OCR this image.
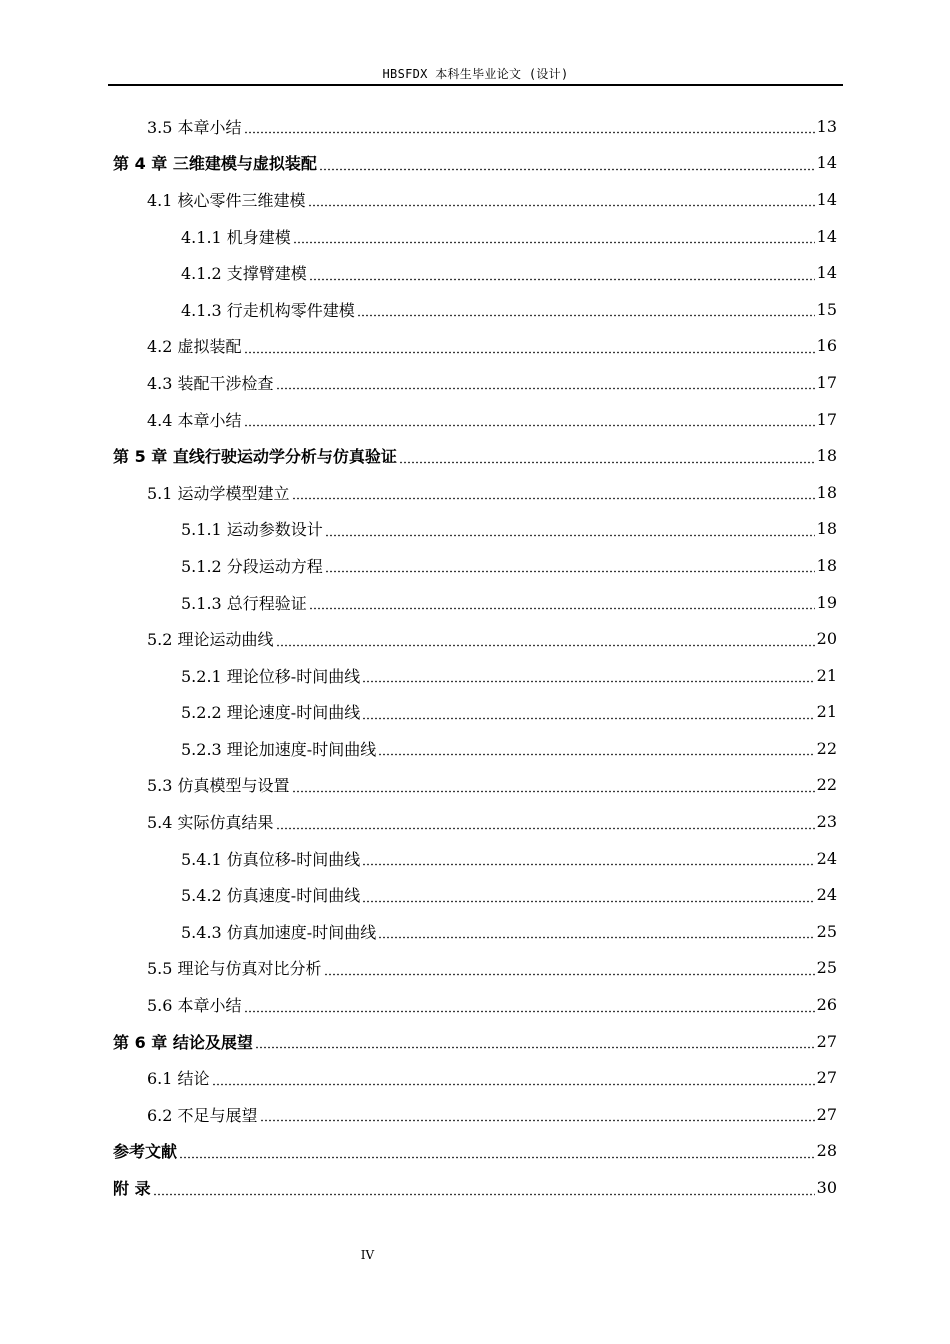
HBSFDX 本科生毕业论文 (设计)
3.5 本章小结	13
第 4 章 三维建模与虚拟装配	14
4.1 核心零件三维建模	14
4.1.1 机身建模	14
4.1.2 支撑臂建模	14
4.1.3 行走机构零件建模	15
4.2 虚拟装配	16
4.3 装配干涉检查	17
4.4 本章小结	17
第 5 章 直线行驶运动学分析与仿真验证	18
5.1 运动学模型建立	18
5.1.1 运动参数设计	18
5.1.2 分段运动方程	18
5.1.3 总行程验证	19
5.2 理论运动曲线	20
5.2.1 理论位移-时间曲线	21
5.2.2 理论速度-时间曲线	21
5.2.3 理论加速度-时间曲线	22
5.3 仿真模型与设置	22
5.4 实际仿真结果	23
5.4.1 仿真位移-时间曲线	24
5.4.2 仿真速度-时间曲线	24
5.4.3 仿真加速度-时间曲线	25
5.5 理论与仿真对比分析	25
5.6 本章小结	26
第 6 章 结论及展望	27
6.1 结论	27
6.2 不足与展望	27
参考文献	28
附 录	30
IV
